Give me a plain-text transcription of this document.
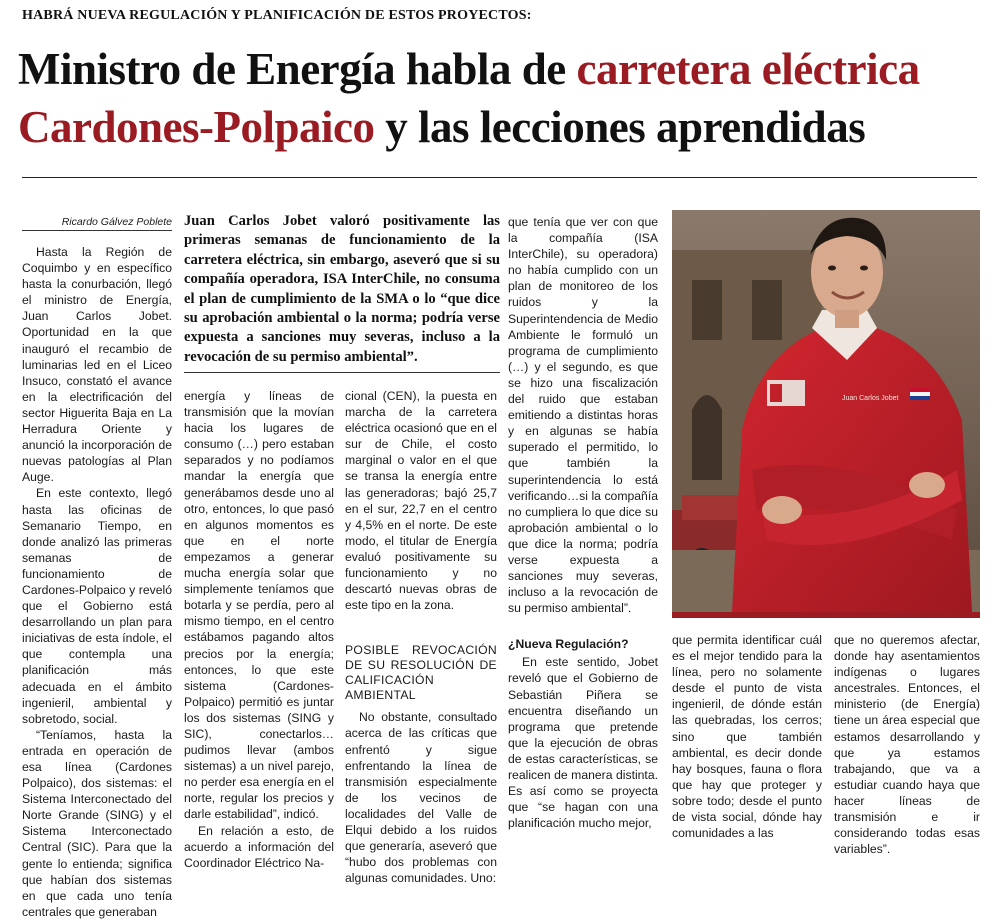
HABRÁ NUEVA REGULACIÓN Y PLANIFICACIÓN DE ESTOS PROYECTOS:
Ministro de Energía habla de carretera eléctrica
Cardones-Polpaico y las lecciones aprendidas
Ricardo Gálvez Poblete

Hasta la Región de Coquimbo y en específico hasta la conurbación, llegó el ministro de Energía, Juan Carlos Jobet. Oportunidad en la que inauguró el recambio de luminarias led en el Liceo Insuco, constató el avance en la electrificación del sector Higuerita Baja en La Herradura Oriente y anunció la incorporación de nuevas patologías al Plan Auge.

En este contexto, llegó hasta las oficinas de Semanario Tiempo, en donde analizó las primeras semanas de funcionamiento de Cardones-Polpaico y reveló que el Gobierno está desarrollando un plan para iniciativas de esta índole, el que contempla una planificación más adecuada en el ámbito ingenieril, ambiental y sobretodo, social.

“Teníamos, hasta la entrada en operación de esa línea (Cardones Polpaico), dos sistemas: el Sistema Interconectado del Norte Grande (SING) y el Sistema Interconectado Central (SIC). Para que la gente lo entienda; significa que habían dos sistemas en que cada uno tenía centrales que generaban

Juan Carlos Jobet valoró positivamente las primeras semanas de funcionamiento de la carretera eléctrica, sin embargo, aseveró que si su compañía operadora, ISA InterChile, no consuma el plan de cumplimiento de la SMA o lo “que dice su aprobación ambiental o la norma; podría verse expuesta a sanciones muy severas, incluso a la revocación de su permiso ambiental”.

energía y líneas de transmisión que la movían hacia los lugares de consumo (…) pero estaban separados y no podíamos mandar la energía que generábamos desde uno al otro, entonces, lo que pasó en algunos momentos es que en el norte empezamos a generar mucha energía solar que simplemente teníamos que botarla y se perdía, pero al mismo tiempo, en el centro estábamos pagando altos precios por la energía; entonces, lo que este sistema (Cardones-Polpaico) permitió es juntar los dos sistemas (SING y SIC), conectarlos…pudimos llevar (ambos sistemas) a un nivel parejo, no perder esa energía en el norte, regular los precios y darle estabilidad”, indicó.

En relación a esto, de acuerdo a información del Coordinador Eléctrico Na-

cional (CEN), la puesta en marcha de la carretera eléctrica ocasionó que en el sur de Chile, el costo marginal o valor en el que se transa la energía entre las generadoras; bajó 25,7 en el sur, 22,7 en el centro y 4,5% en el norte. De este modo, el titular de Energía evaluó positivamente su funcionamiento y no descartó nuevas obras de este tipo en la zona.

POSIBLE REVOCACIÓN DE SU RESOLUCIÓN DE CALIFICACIÓN AMBIENTAL

No obstante, consultado acerca de las críticas que enfrentó y sigue enfrentando la línea de transmisión especialmente de los vecinos de localidades del Valle de Elqui debido a los ruidos que generaría, aseveró que “hubo dos problemas con algunas comunidades. Uno:

que tenía que ver con que la compañía (ISA InterChile), su operadora) no había cumplido con un plan de monitoreo de los ruidos y la Superintendencia de Medio Ambiente le formuló un programa de cumplimiento (…) y el segundo, es que se hizo una fiscalización del ruido que estaban emitiendo a distintas horas y en algunas se había superado el permitido, lo que también la superintendencia lo está verificando…si la compañía no cumpliera lo que dice su aprobación ambiental o lo que dice la norma; podría verse expuesta a sanciones muy severas, incluso a la revocación de su permiso ambiental”.

¿Nueva Regulación?

En este sentido, Jobet reveló que el Gobierno de Sebastián Piñera se encuentra diseñando un programa que pretende que la ejecución de obras de estas características, se realicen de manera distinta. Es así como se proyecta que “se hagan con una planificación mucho mejor,

Juan Carlos Jobet

que permita identificar cuál es el mejor tendido para la línea, pero no solamente desde el punto de vista ingenieril, de dónde están las quebradas, los cerros; sino que también ambiental, es decir donde hay bosques, fauna o flora que hay que proteger y sobre todo; desde el punto de vista social, dónde hay comunidades a las

que no queremos afectar, donde hay asentamientos indígenas o lugares ancestrales. Entonces, el ministerio (de Energía) tiene un área especial que estamos desarrollando y que ya estamos trabajando, que va a estudiar cuando haya que hacer líneas de transmisión e ir considerando todas esas variables”.
